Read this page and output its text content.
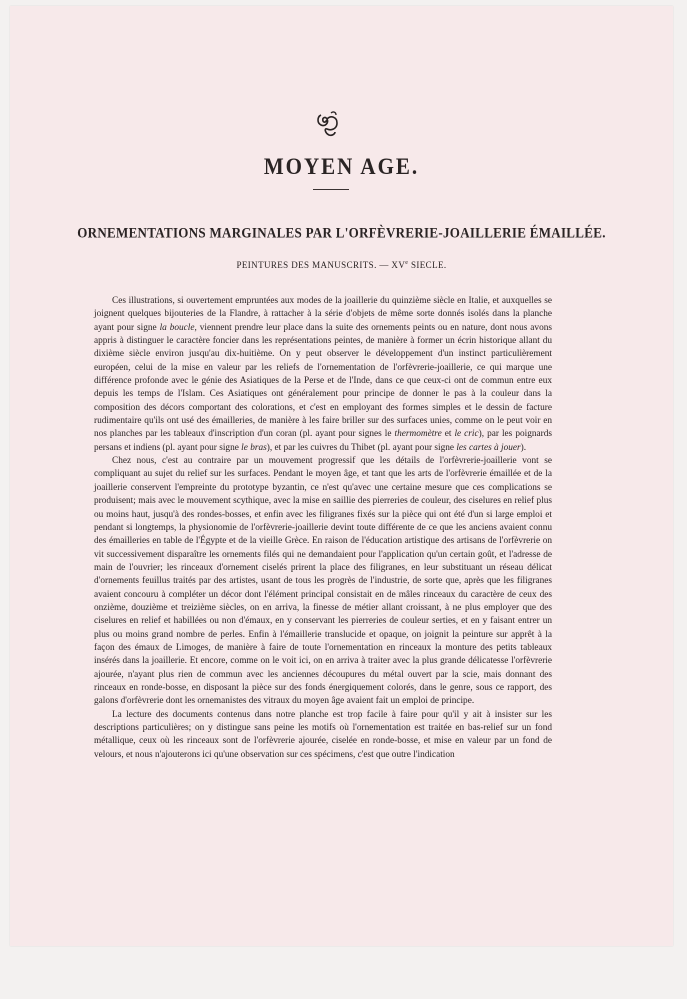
MOYEN AGE.
ORNEMENTATIONS MARGINALES PAR L'ORFÈVRERIE-JOAILLERIE ÉMAILLÉE.

PEINTURES DES MANUSCRITS. — XVe SIECLE.

Ces illustrations, si ouvertement empruntées aux modes de la joaillerie du quinzième siècle en Italie, et auxquelles se joignent quelques bijouteries de la Flandre, à rattacher à la série d'objets de même sorte donnés isolés dans la planche ayant pour signe la boucle, viennent prendre leur place dans la suite des ornements peints ou en nature, dont nous avons appris à distinguer le caractère foncier dans les représentations peintes, de manière à former un écrin historique allant du dixième siècle environ jusqu'au dix-huitième. On y peut observer le développement d'un instinct particulièrement européen, celui de la mise en valeur par les reliefs de l'ornementation de l'orfèvrerie-joaillerie, ce qui marque une différence profonde avec le génie des Asiatiques de la Perse et de l'Inde, dans ce que ceux-ci ont de commun entre eux depuis les temps de l'Islam. Ces Asiatiques ont généralement pour principe de donner le pas à la couleur dans la composition des décors comportant des colorations, et c'est en employant des formes simples et le dessin de facture rudimentaire qu'ils ont usé des émailleries, de manière à les faire briller sur des surfaces unies, comme on le peut voir en nos planches par les tableaux d'inscription d'un coran (pl. ayant pour signes le thermomètre et le cric), par les poignards persans et indiens (pl. ayant pour signe le bras), et par les cuivres du Thibet (pl. ayant pour signe les cartes à jouer).

Chez nous, c'est au contraire par un mouvement progressif que les détails de l'orfèvrerie-joaillerie vont se compliquant au sujet du relief sur les surfaces. Pendant le moyen âge, et tant que les arts de l'orfèvrerie émaillée et de la joaillerie conservent l'empreinte du prototype byzantin, ce n'est qu'avec une certaine mesure que ces complications se produisent; mais avec le mouvement scythique, avec la mise en saillie des pierreries de couleur, des ciselures en relief plus ou moins haut, jusqu'à des rondes-bosses, et enfin avec les filigranes fixés sur la pièce qui ont été d'un si large emploi et pendant si longtemps, la physionomie de l'orfèvrerie-joaillerie devint toute différente de ce que les anciens avaient connu des émailleries en table de l'Égypte et de la vieille Grèce. En raison de l'éducation artistique des artisans de l'orfèvrerie on vit successivement disparaître les ornements filés qui ne demandaient pour l'application qu'un certain goût, et l'adresse de main de l'ouvrier; les rinceaux d'ornement ciselés prirent la place des filigranes, en leur substituant un réseau délicat d'ornements feuillus traités par des artistes, usant de tous les progrès de l'industrie, de sorte que, après que les filigranes avaient concouru à compléter un décor dont l'élément principal consistait en de mâles rinceaux du caractère de ceux des onzième, douzième et treizième siècles, on en arriva, la finesse de métier allant croissant, à ne plus employer que des ciselures en relief et habillées ou non d'émaux, en y conservant les pierreries de couleur serties, et en y faisant entrer un plus ou moins grand nombre de perles. Enfin à l'émaillerie translucide et opaque, on joignit la peinture sur apprêt à la façon des émaux de Limoges, de manière à faire de toute l'ornementation en rinceaux la monture des petits tableaux insérés dans la joaillerie. Et encore, comme on le voit ici, on en arriva à traiter avec la plus grande délicatesse l'orfèvrerie ajourée, n'ayant plus rien de commun avec les anciennes découpures du métal ouvert par la scie, mais donnant des rinceaux en ronde-bosse, en disposant la pièce sur des fonds énergiquement colorés, dans le genre, sous ce rapport, des galons d'orfèvrerie dont les ornemanistes des vitraux du moyen âge avaient fait un emploi de principe.

La lecture des documents contenus dans notre planche est trop facile à faire pour qu'il y ait à insister sur les descriptions particulières; on y distingue sans peine les motifs où l'ornementation est traitée en bas-relief sur un fond métallique, ceux où les rinceaux sont de l'orfèvrerie ajourée, ciselée en ronde-bosse, et mise en valeur par un fond de velours, et nous n'ajouterons ici qu'une observation sur ces spécimens, c'est que outre l'indication
